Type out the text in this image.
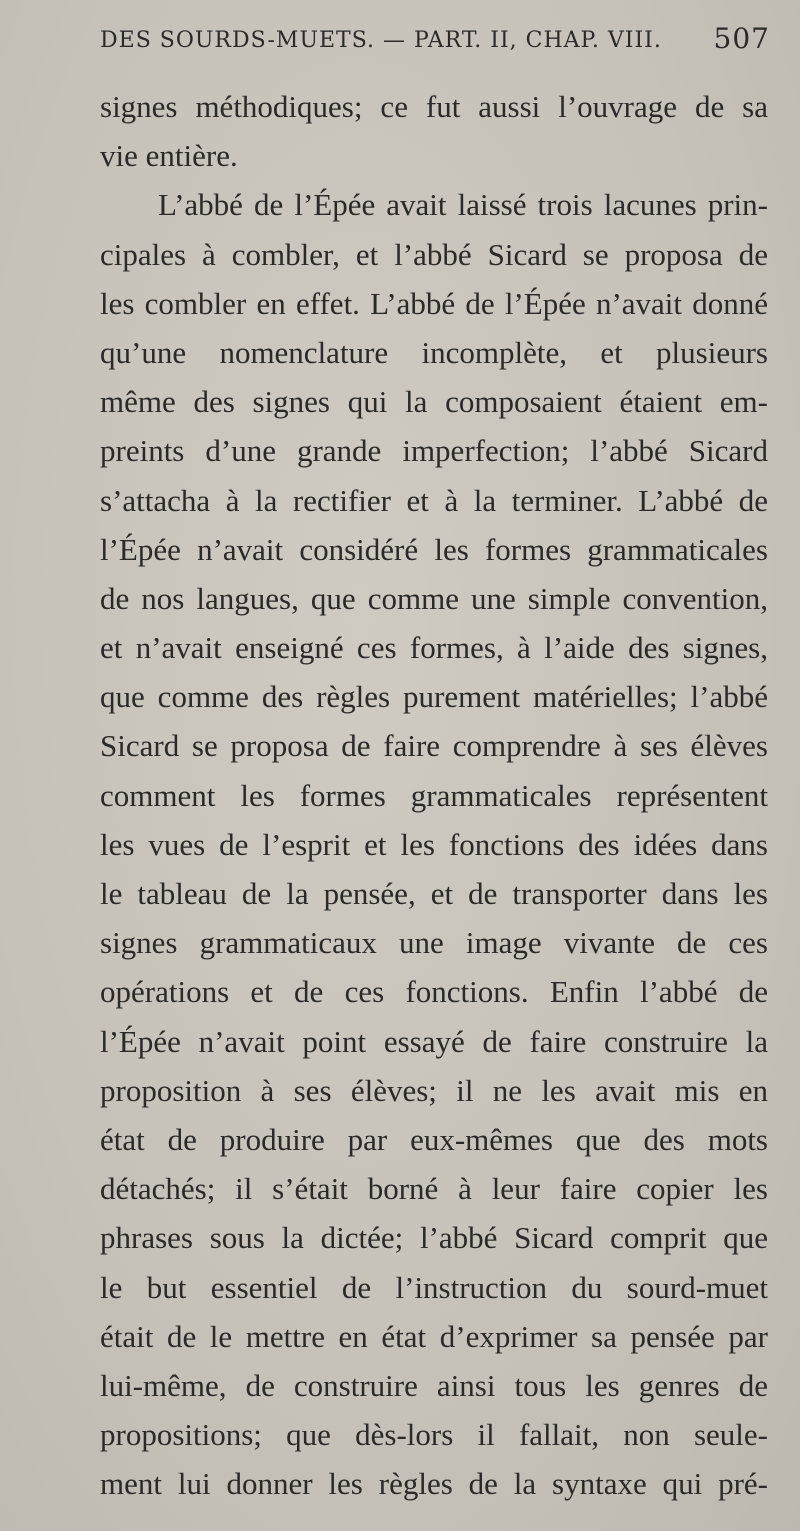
DES SOURDS-MUETS. — PART. II, CHAP. VIII. 507
signes méthodiques; ce fut aussi l’ouvrage de sa
vie entière.
L’abbé de l’Épée avait laissé trois lacunes prin-
cipales à combler, et l’abbé Sicard se proposa de
les combler en effet. L’abbé de l’Épée n’avait donné
qu’une nomenclature incomplète, et plusieurs
même des signes qui la composaient étaient em-
preints d’une grande imperfection; l’abbé Sicard
s’attacha à la rectifier et à la terminer. L’abbé de
l’Épée n’avait considéré les formes grammaticales
de nos langues, que comme une simple convention,
et n’avait enseigné ces formes, à l’aide des signes,
que comme des règles purement matérielles; l’abbé
Sicard se proposa de faire comprendre à ses élèves
comment les formes grammaticales représentent
les vues de l’esprit et les fonctions des idées dans
le tableau de la pensée, et de transporter dans les
signes grammaticaux une image vivante de ces
opérations et de ces fonctions. Enfin l’abbé de
l’Épée n’avait point essayé de faire construire la
proposition à ses élèves; il ne les avait mis en
état de produire par eux-mêmes que des mots
détachés; il s’était borné à leur faire copier les
phrases sous la dictée; l’abbé Sicard comprit que
le but essentiel de l’instruction du sourd-muet
était de le mettre en état d’exprimer sa pensée par
lui-même, de construire ainsi tous les genres de
propositions; que dès-lors il fallait, non seule-
ment lui donner les règles de la syntaxe qui pré-
